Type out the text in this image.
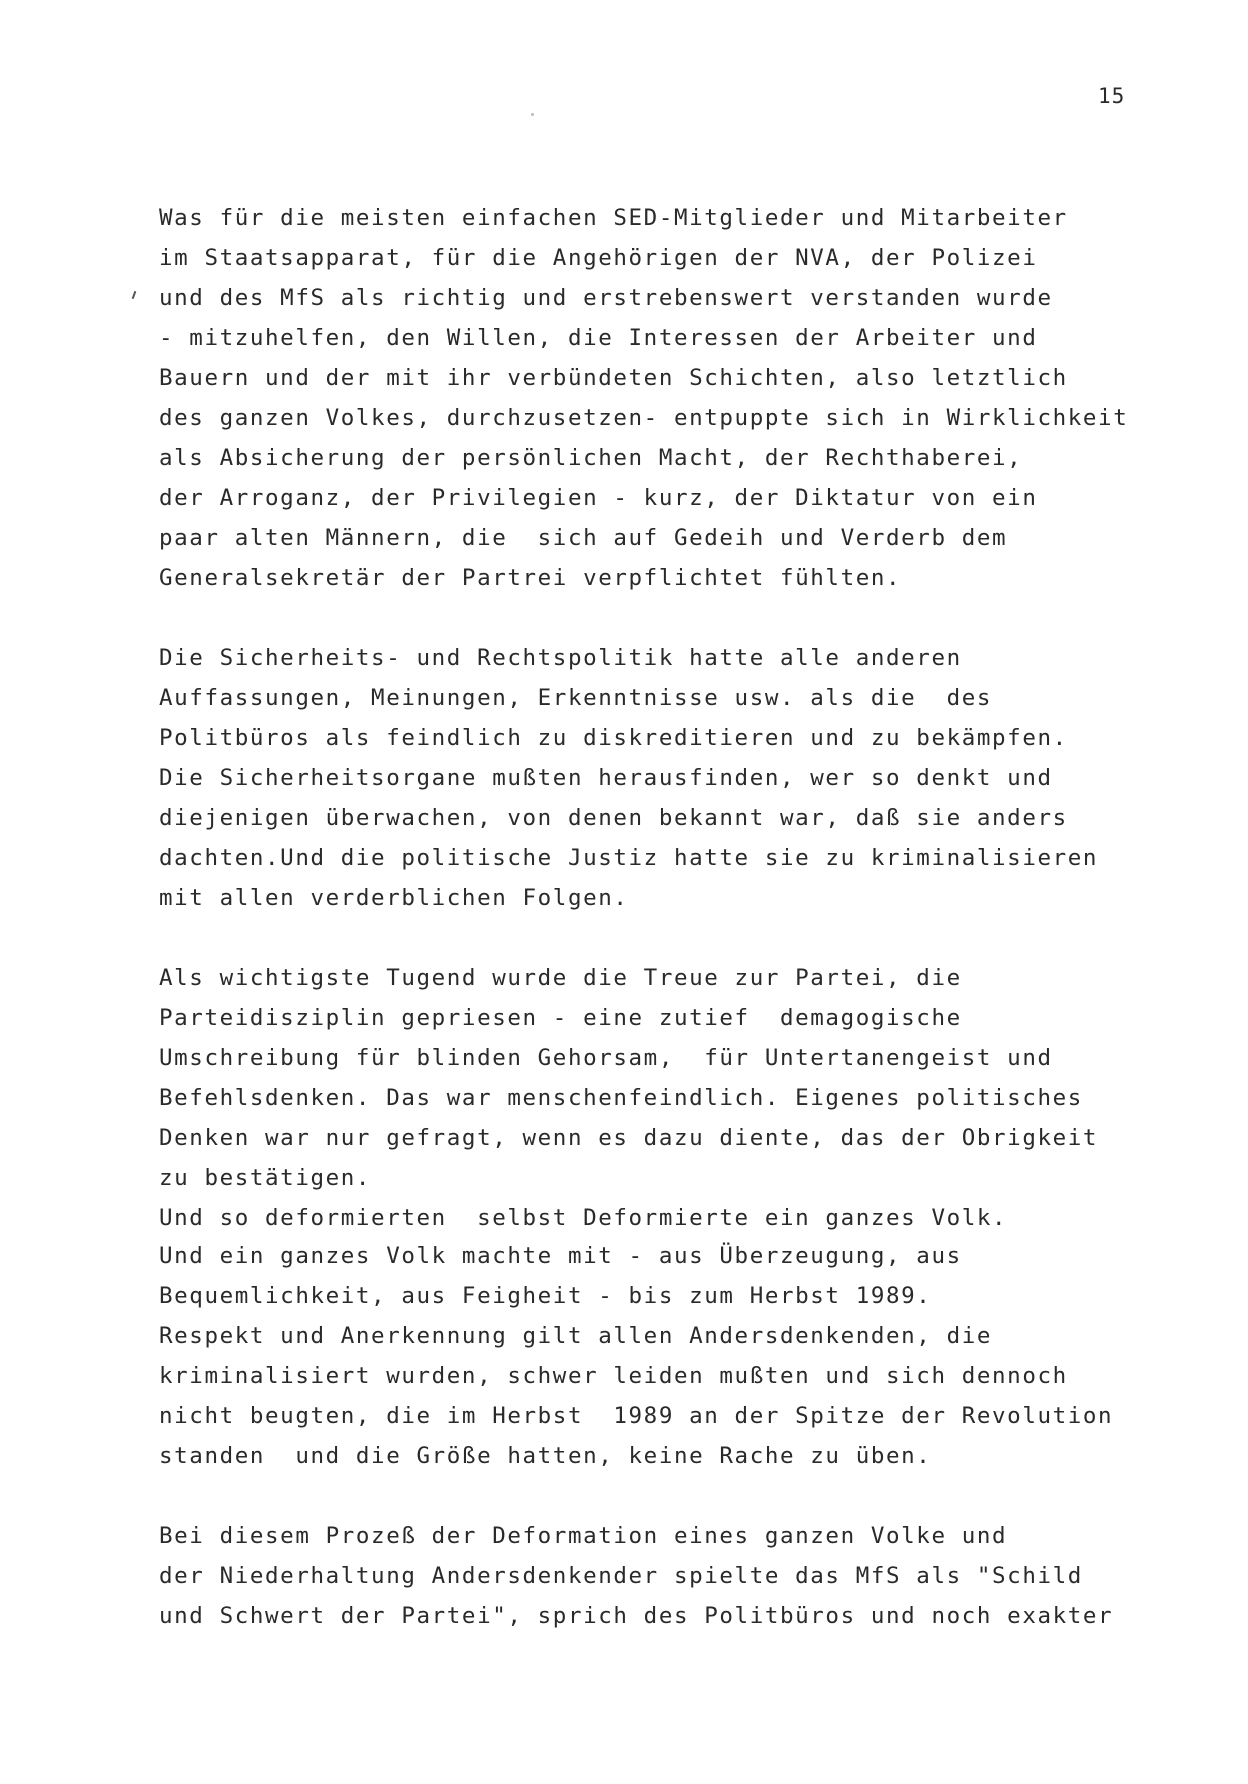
15
Was für die meisten einfachen SED-Mitglieder und Mitarbeiter
im Staatsapparat, für die Angehörigen der NVA, der Polizei
und des MfS als richtig und erstrebenswert verstanden wurde
- mitzuhelfen, den Willen, die Interessen der Arbeiter und
Bauern und der mit ihr verbündeten Schichten, also letztlich
des ganzen Volkes, durchzusetzen- entpuppte sich in Wirklichkeit
als Absicherung der persönlichen Macht, der Rechthaberei,
der Arroganz, der Privilegien - kurz, der Diktatur von ein
paar alten Männern, die  sich auf Gedeih und Verderb dem
Generalsekretär der Partrei verpflichtet fühlten.
Die Sicherheits- und Rechtspolitik hatte alle anderen
Auffassungen, Meinungen, Erkenntnisse usw. als die  des
Politbüros als feindlich zu diskreditieren und zu bekämpfen.
Die Sicherheitsorgane mußten herausfinden, wer so denkt und
diejenigen überwachen, von denen bekannt war, daß sie anders
dachten.Und die politische Justiz hatte sie zu kriminalisieren
mit allen verderblichen Folgen.
Als wichtigste Tugend wurde die Treue zur Partei, die
Parteidisziplin gepriesen - eine zutief  demagogische
Umschreibung für blinden Gehorsam,  für Untertanengeist und
Befehlsdenken. Das war menschenfeindlich. Eigenes politisches
Denken war nur gefragt, wenn es dazu diente, das der Obrigkeit
zu bestätigen.
Und so deformierten  selbst Deformierte ein ganzes Volk.
Und ein ganzes Volk machte mit - aus Überzeugung, aus
Bequemlichkeit, aus Feigheit - bis zum Herbst 1989.
Respekt und Anerkennung gilt allen Andersdenkenden, die
kriminalisiert wurden, schwer leiden mußten und sich dennoch
nicht beugten, die im Herbst  1989 an der Spitze der Revolution
standen  und die Größe hatten, keine Rache zu üben.
Bei diesem Prozeß der Deformation eines ganzen Volke und
der Niederhaltung Andersdenkender spielte das MfS als "Schild
und Schwert der Partei", sprich des Politbüros und noch exakter
